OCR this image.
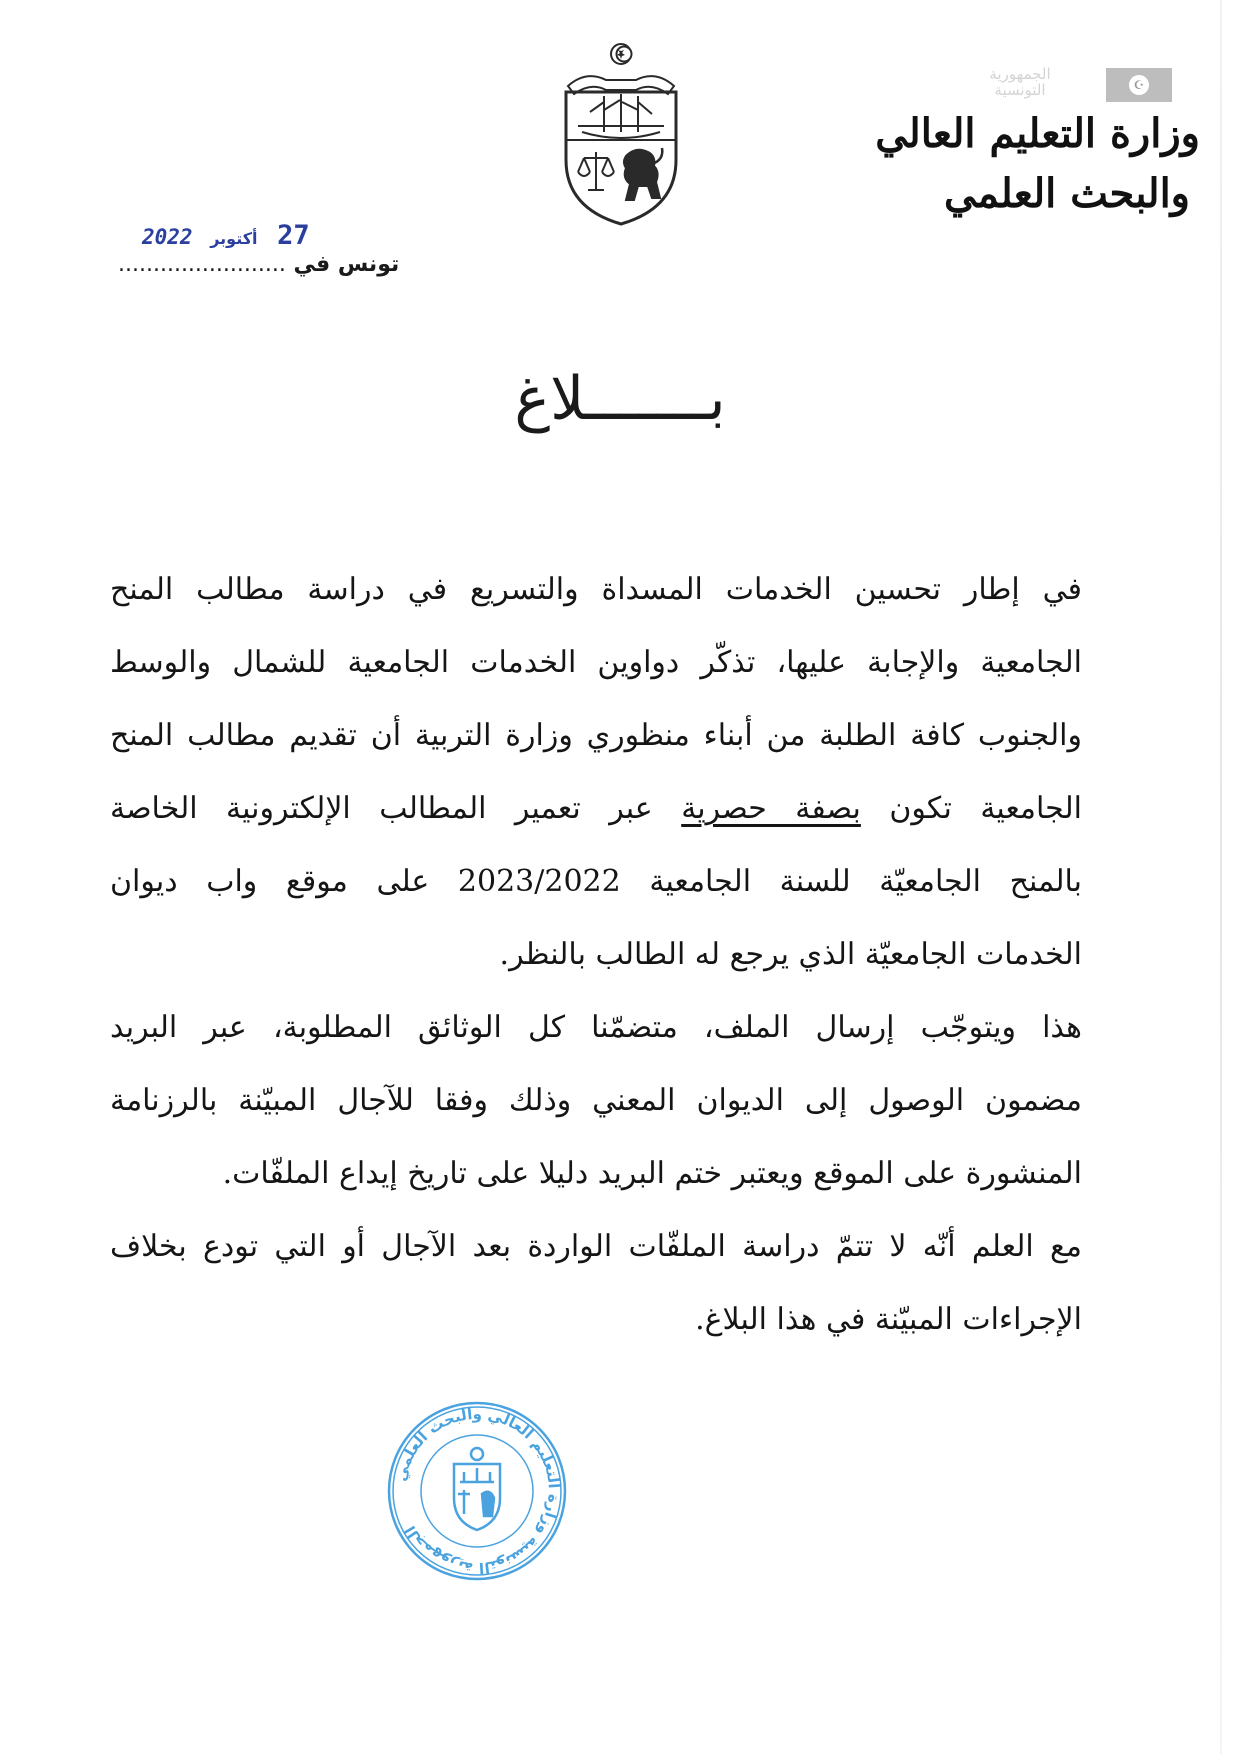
الجمهورية التونسية	☪
وزارة التعليم العالي
والبحث العلمي
27 أكتوبر 2022
تونس في ........................
بـــــــلاغ
في إطار تحسين الخدمات المسداة والتسريع في دراسة مطالب المنح
الجامعية والإجابة عليها، تذكّر دواوين الخدمات الجامعية للشمال والوسط
والجنوب كافة الطلبة من أبناء منظوري وزارة التربية أن تقديم مطالب المنح
الجامعية تكون بصفة حصرية عبر تعمير المطالب الإلكترونية الخاصة
بالمنح الجامعيّة للسنة الجامعية 2023/2022 على موقع واب ديوان
الخدمات الجامعيّة الذي يرجع له الطالب بالنظر.
هذا ويتوجّب إرسال الملف، متضمّنا كل الوثائق المطلوبة، عبر البريد
مضمون الوصول إلى الديوان المعني وذلك وفقا للآجال المبيّنة بالرزنامة
المنشورة على الموقع ويعتبر ختم البريد دليلا على تاريخ إيداع الملفّات.
مع العلم أنّه لا تتمّ دراسة الملفّات الواردة بعد الآجال أو التي تودع بخلاف
الإجراءات المبيّنة في هذا البلاغ.
الجمهورية التونسية وزارة التعليم العالي والبحث العلمي
